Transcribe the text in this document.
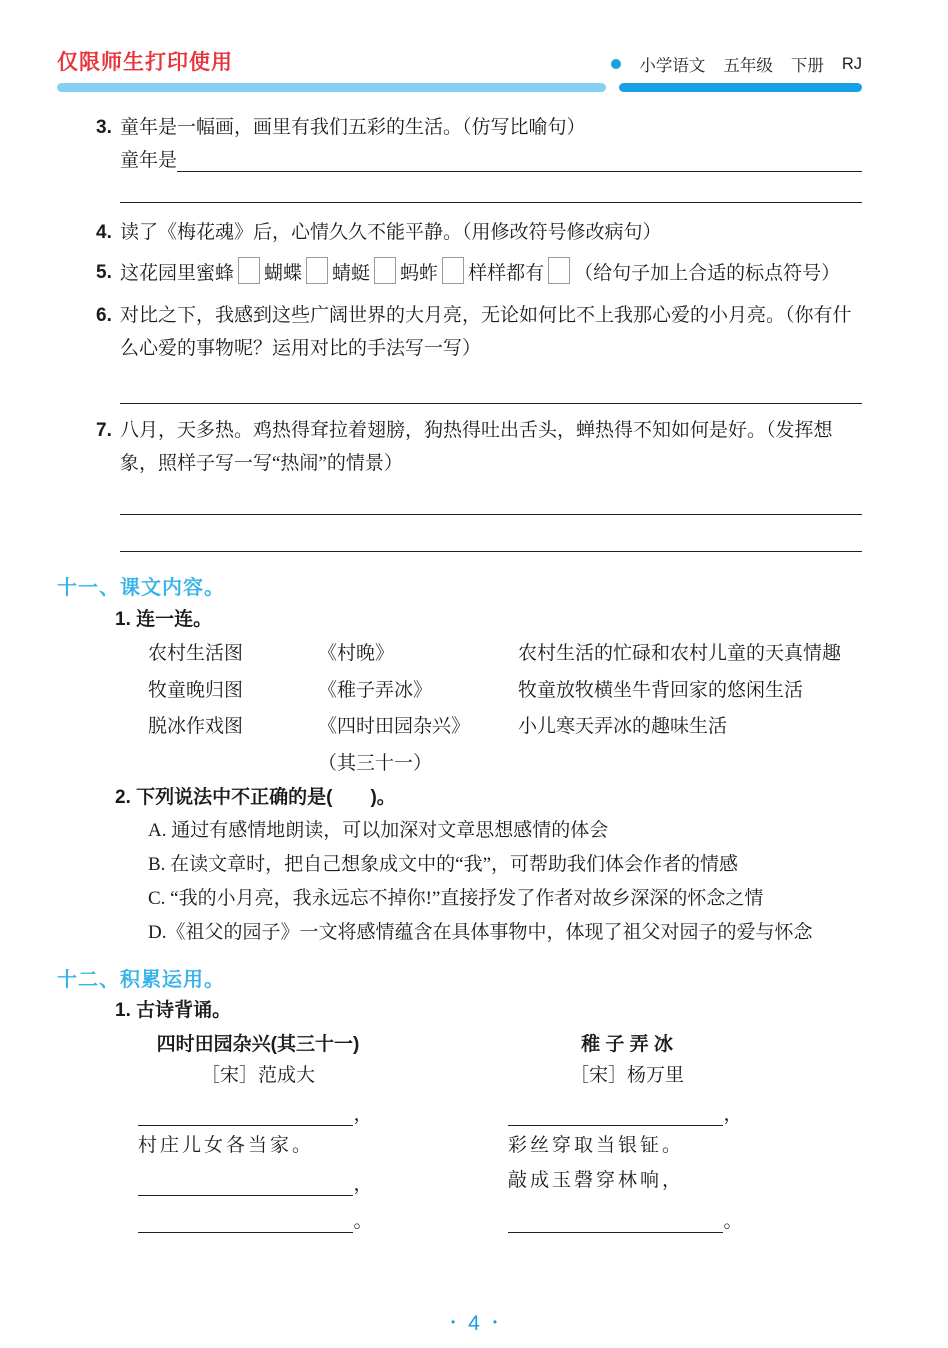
仅限师生打印使用	小学语文 五年级 下册 RJ
3. 童年是一幅画，画里有我们五彩的生活。（仿写比喻句）
童年是
4. 读了《梅花魂》后，心情久久不能平静。（用修改符号修改病句）
5. 这花园里蜜蜂 蝴蝶 蜻蜓 蚂蚱 样样都有 （给句子加上合适的标点符号）
6. 对比之下，我感到这些广阔世界的大月亮，无论如何比不上我那心爱的小月亮。（你有什么心爱的事物呢？运用对比的手法写一写）
7. 八月，天多热。鸡热得耷拉着翅膀，狗热得吐出舌头，蝉热得不知如何是好。（发挥想象，照样子写一写“热闹”的情景）
十一、课文内容。
1. 连一连。
农村生活图
牧童晚归图
脱冰作戏图
《村晚》
《稚子弄冰》
《四时田园杂兴》
（其三十一）
农村生活的忙碌和农村儿童的天真情趣
牧童放牧横坐牛背回家的悠闲生活
小儿寒天弄冰的趣味生活
2. 下列说法中不正确的是(　　)。
A. 通过有感情地朗读，可以加深对文章思想感情的体会
B. 在读文章时，把自己想象成文中的“我”，可帮助我们体会作者的情感
C. “我的小月亮，我永远忘不掉你!”直接抒发了作者对故乡深深的怀念之情
D.《祖父的园子》一文将感情蕴含在具体事物中，体现了祖父对园子的爱与怀念
十二、积累运用。
1. 古诗背诵。
四时田园杂兴(其三十一)
［宋］范成大
，
村庄儿女各当家。
，
。
稚 子 弄 冰
［宋］杨万里
，
彩丝穿取当银钲。
敲成玉磬穿林响，
。
• 4 •
